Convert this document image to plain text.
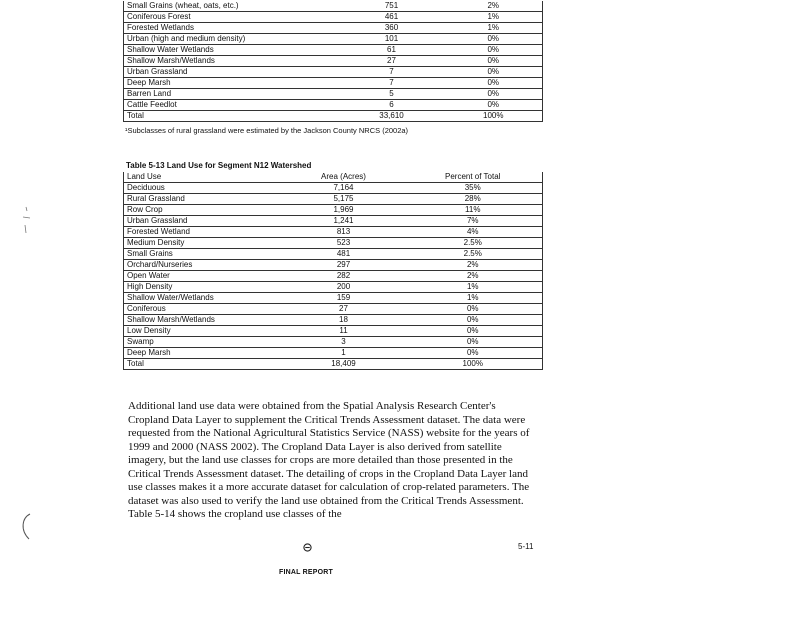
Small Grains (wheat, oats, etc.)	751	2%
Coniferous Forest	461	1%
Forested Wetlands	360	1%
Urban (high and medium density)	101	0%
Shallow Water Wetlands	61	0%
Shallow Marsh/Wetlands	27	0%
Urban Grassland	7	0%
Deep Marsh	7	0%
Barren Land	5	0%
Cattle Feedlot	6	0%
Total	33,610	100%
¹Subclasses of rural grassland were estimated by the Jackson County NRCS (2002a)
Table 5-13 Land Use for Segment N12 Watershed
Land Use	Area (Acres)	Percent of Total
Deciduous	7,164	35%
Rural Grassland	5,175	28%
Row Crop	1,969	11%
Urban Grassland	1,241	7%
Forested Wetland	813	4%
Medium Density	523	2.5%
Small Grains	481	2.5%
Orchard/Nurseries	297	2%
Open Water	282	2%
High Density	200	1%
Shallow Water/Wetlands	159	1%
Coniferous	27	0%
Shallow Marsh/Wetlands	18	0%
Low Density	11	0%
Swamp	3	0%
Deep Marsh	1	0%
Total	18,409	100%

Additional land use data were obtained from the Spatial Analysis Research Center's Cropland Data Layer to supplement the Critical Trends Assessment dataset. The data were requested from the National Agricultural Statistics Service (NASS) website for the years of 1999 and 2000 (NASS 2002). The Cropland Data Layer is also derived from satellite imagery, but the land use classes for crops are more detailed than those presented in the Critical Trends Assessment dataset. The detailing of crops in the Cropland Data Layer land use classes makes it a more accurate dataset for calculation of crop-related parameters. The dataset was also used to verify the land use obtained from the Critical Trends Assessment. Table 5-14 shows the cropland use classes of the

5-11
FINAL REPORT
